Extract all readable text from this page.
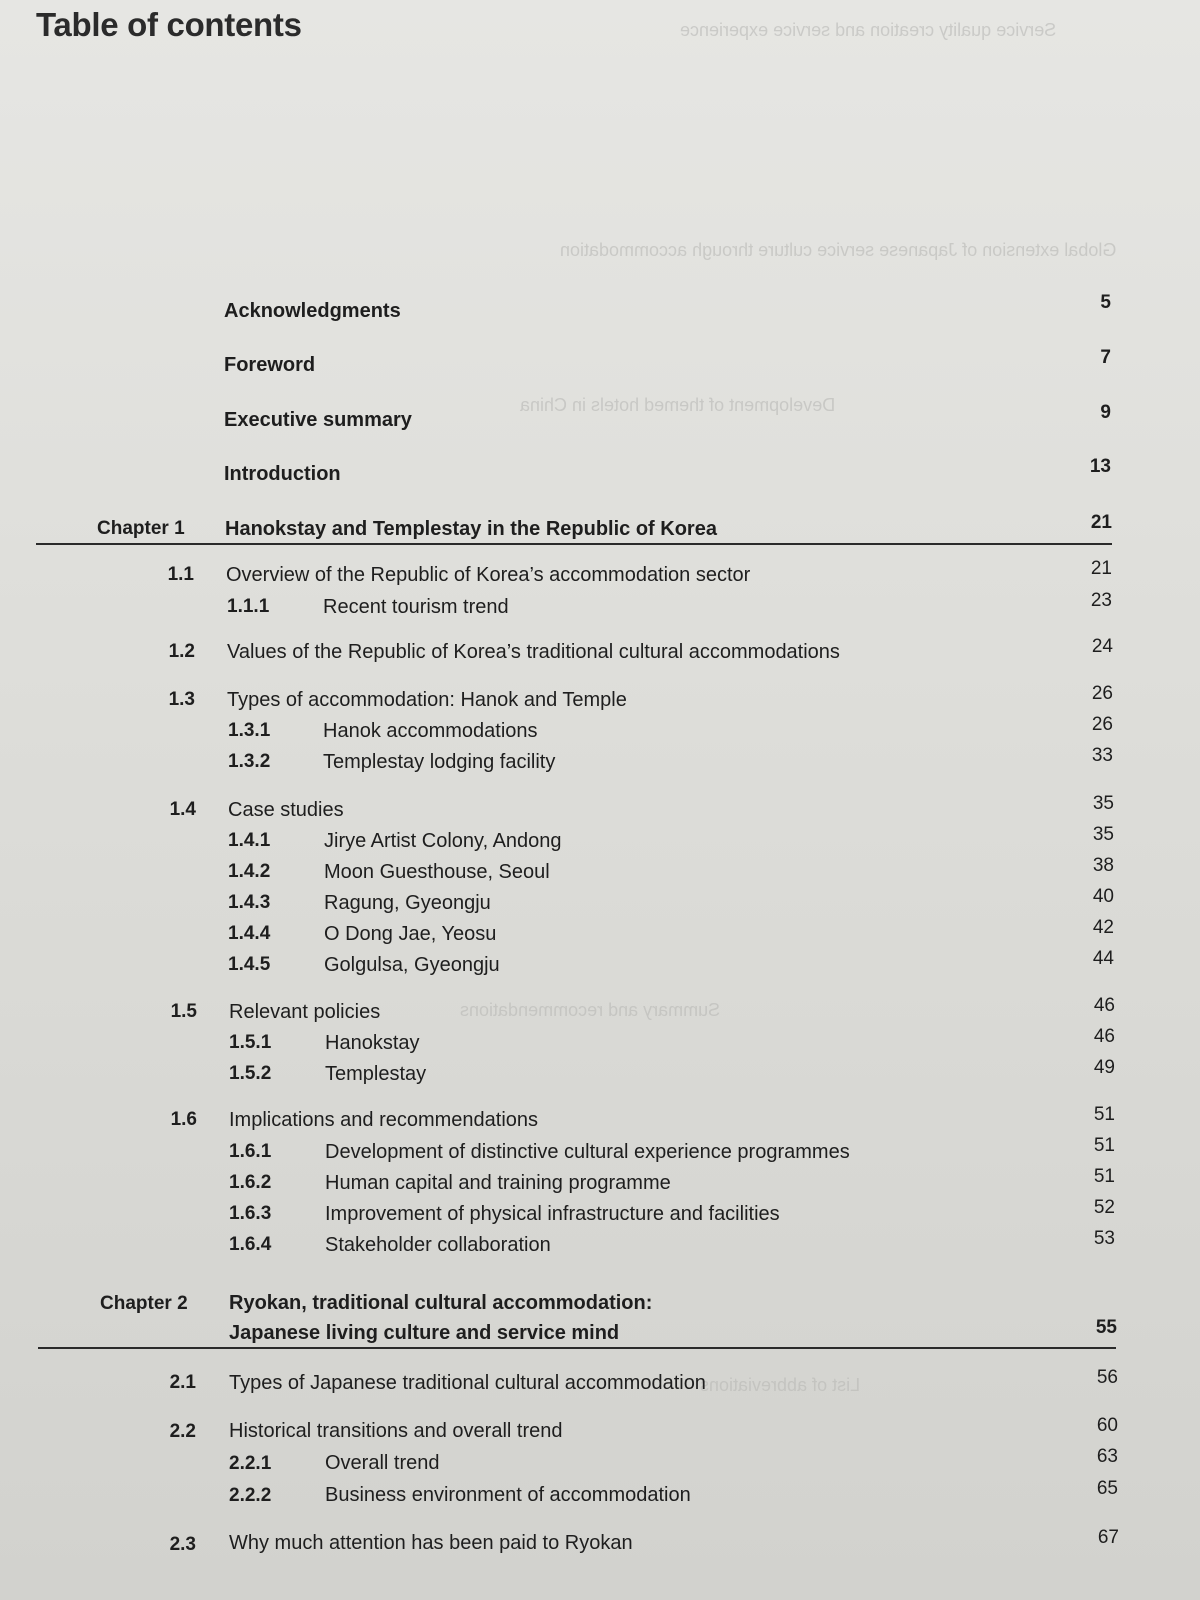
Service quality creation and service experience
Global extension of Japanese service culture through accommodation
Development of themed hotels in China
Summary and recommendations
List of abbreviations
Table of contents
Acknowledgments	5
Foreword	7
Executive summary	9
Introduction	13
Chapter 1 Hanokstay and Templestay in the Republic of Korea	21
1.1 Overview of the Republic of Korea’s accommodation sector	21
1.1.1	Recent tourism trend	23
1.2 Values of the Republic of Korea’s traditional cultural accommodations	24
1.3 Types of accommodation: Hanok and Temple	26
1.3.1	Hanok accommodations	26
1.3.2	Templestay lodging facility	33
1.4 Case studies	35
1.4.1	Jirye Artist Colony, Andong	35
1.4.2	Moon Guesthouse, Seoul	38
1.4.3	Ragung, Gyeongju	40
1.4.4	O Dong Jae, Yeosu	42
1.4.5	Golgulsa, Gyeongju	44
1.5 Relevant policies	46
1.5.1	Hanokstay	46
1.5.2	Templestay	49
1.6 Implications and recommendations	51
1.6.1	Development of distinctive cultural experience programmes	51
1.6.2	Human capital and training programme	51
1.6.3	Improvement of physical infrastructure and facilities	52
1.6.4	Stakeholder collaboration	53
Chapter 2 Ryokan, traditional cultural accommodation:
Japanese living culture and service mind	55
2.1 Types of Japanese traditional cultural accommodation	56
2.2 Historical transitions and overall trend	60
2.2.1	Overall trend	63
2.2.2	Business environment of accommodation	65
2.3 Why much attention has been paid to Ryokan	67
